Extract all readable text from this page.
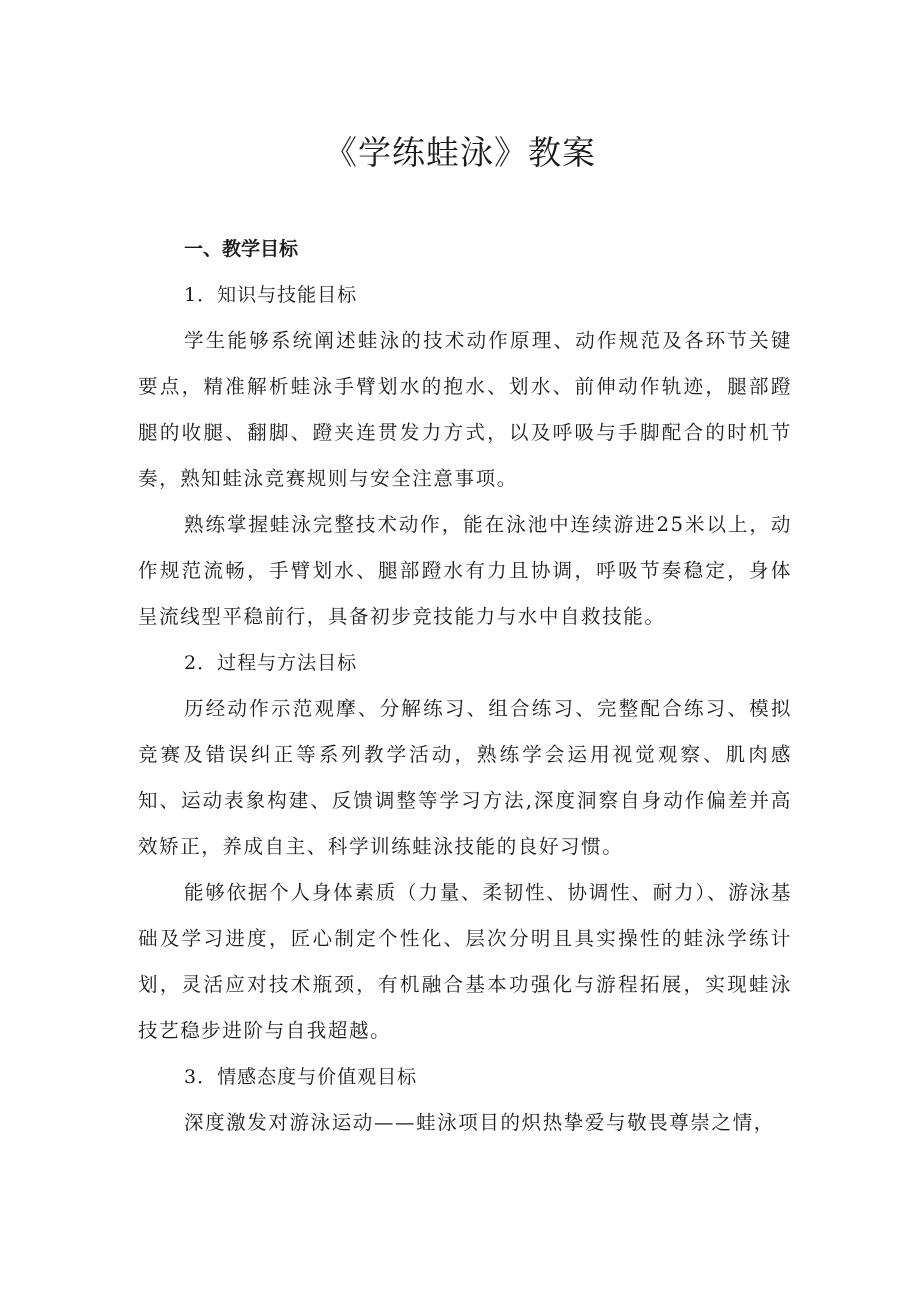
《学练蛙泳》教案

一、教学目标

1．知识与技能目标

学生能够系统阐述蛙泳的技术动作原理、动作规范及各环节关键要点，精准解析蛙泳手臂划水的抱水、划水、前伸动作轨迹，腿部蹬腿的收腿、翻脚、蹬夹连贯发力方式，以及呼吸与手脚配合的时机节奏，熟知蛙泳竞赛规则与安全注意事项。

熟练掌握蛙泳完整技术动作，能在泳池中连续游进25米以上，动作规范流畅，手臂划水、腿部蹬水有力且协调，呼吸节奏稳定，身体呈流线型平稳前行，具备初步竞技能力与水中自救技能。

2．过程与方法目标

历经动作示范观摩、分解练习、组合练习、完整配合练习、模拟竞赛及错误纠正等系列教学活动，熟练学会运用视觉观察、肌肉感知、运动表象构建、反馈调整等学习方法,深度洞察自身动作偏差并高效矫正，养成自主、科学训练蛙泳技能的良好习惯。

能够依据个人身体素质（力量、柔韧性、协调性、耐力）、游泳基础及学习进度，匠心制定个性化、层次分明且具实操性的蛙泳学练计划，灵活应对技术瓶颈，有机融合基本功强化与游程拓展，实现蛙泳技艺稳步进阶与自我超越。

3．情感态度与价值观目标

深度激发对游泳运动——蛙泳项目的炽热挚爱与敬畏尊崇之情，
